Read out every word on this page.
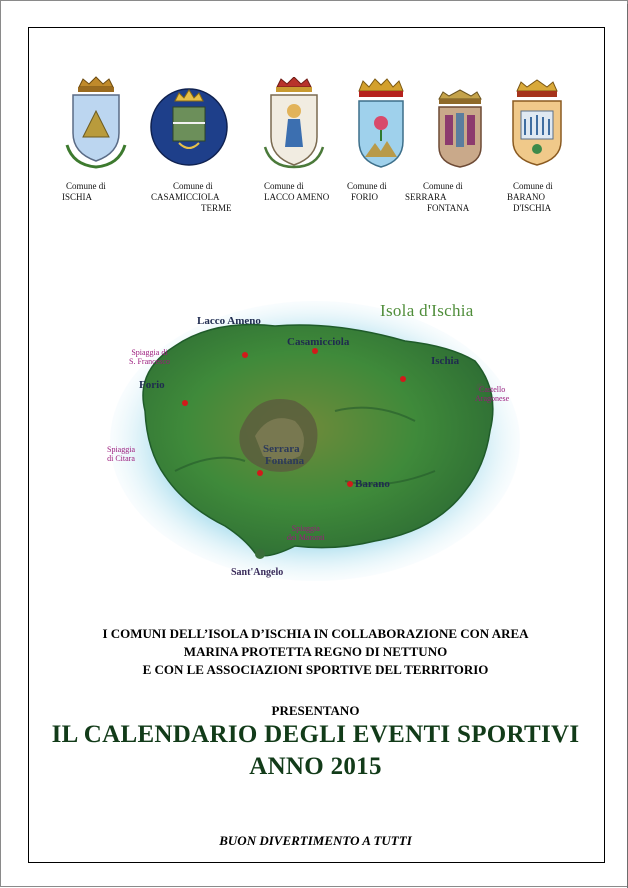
Comune di
ISCHIA
Comune di
CASAMICCIOLA
TERME
Comune di
LACCO AMENO
Comune di
FORIO
Comune di
SERRARA
FONTANA
Comune di
BARANO
D'ISCHIA
Isola d'Ischia
Lacco Ameno
Casamicciola
Ischia
Forio
Serrara
Fontana
Barano
Sant'Angelo
Spiaggia di
S. Francesco
Spiaggia
di Citara
Spiaggia
dei Maronti
Castello
Aragonese
I COMUNI DELL’ISOLA D’ISCHIA IN COLLABORAZIONE CON AREA
MARINA PROTETTA REGNO DI NETTUNO
E CON LE ASSOCIAZIONI SPORTIVE DEL TERRITORIO
PRESENTANO
IL CALENDARIO DEGLI EVENTI SPORTIVI
ANNO 2015
BUON DIVERTIMENTO A TUTTI
